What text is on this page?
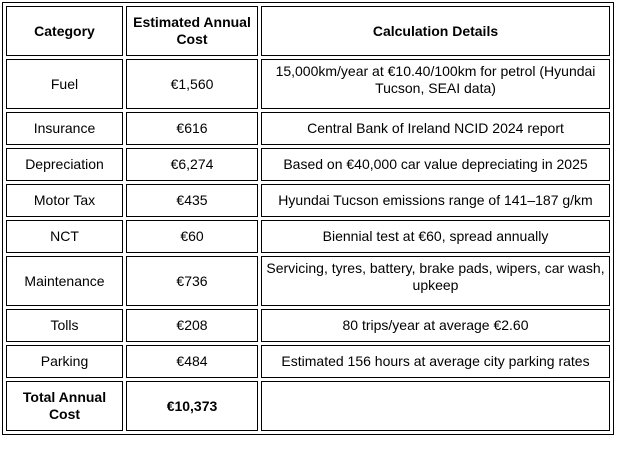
Category	Estimated Annual Cost	Calculation Details
Fuel	€1,560	15,000km/year at €10.40/100km for petrol (Hyundai Tucson, SEAI data)
Insurance	€616	Central Bank of Ireland NCID 2024 report
Depreciation	€6,274	Based on €40,000 car value depreciating in 2025
Motor Tax	€435	Hyundai Tucson emissions range of 141–187 g/km
NCT	€60	Biennial test at €60, spread annually
Maintenance	€736	Servicing, tyres, battery, brake pads, wipers, car wash, upkeep
Tolls	€208	80 trips/year at average €2.60
Parking	€484	Estimated 156 hours at average city parking rates
Total Annual Cost	€10,373	
